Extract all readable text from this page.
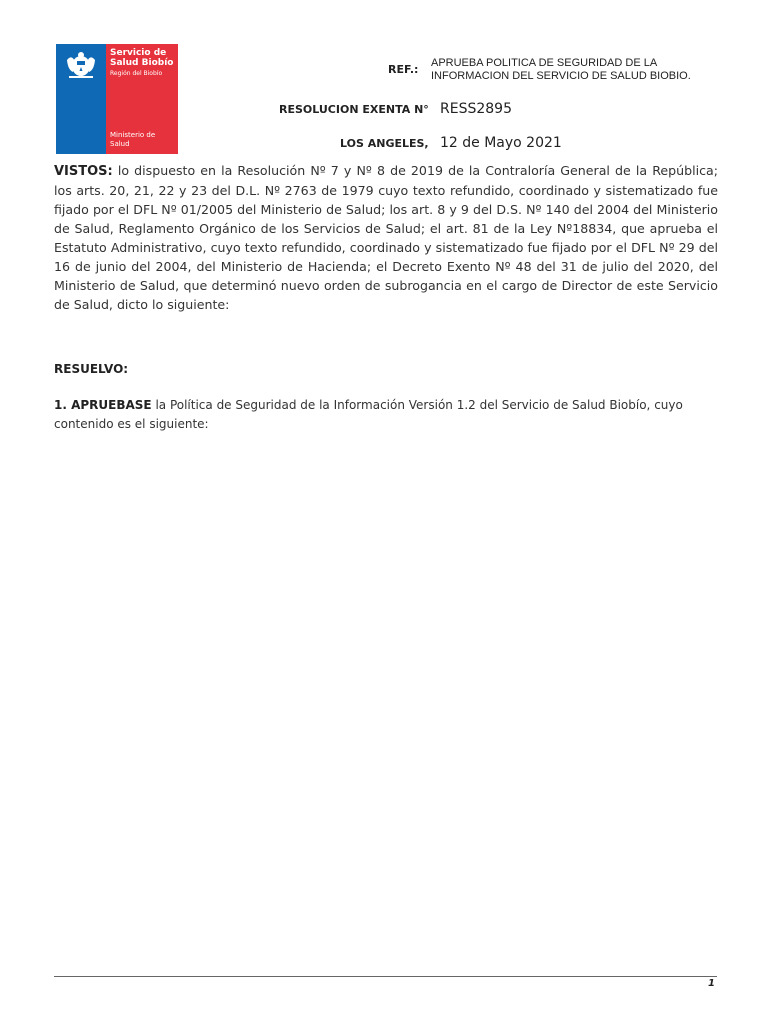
Servicio de
Salud Biobío
Región del Biobío
Ministerio de
Salud
REF.: APRUEBA POLITICA DE SEGURIDAD DE LA
INFORMACION DEL SERVICIO DE SALUD BIOBIO.
RESOLUCION EXENTA N° RESS2895
LOS ANGELES, 12 de Mayo 2021
VISTOS: lo dispuesto en la Resolución Nº 7 y Nº 8 de 2019 de la Contraloría General de la República; los arts. 20, 21, 22 y 23 del D.L. Nº 2763 de 1979 cuyo texto refundido, coordinado y sistematizado fue fijado por el DFL Nº 01/2005 del Ministerio de Salud; los art. 8 y 9 del D.S. Nº 140 del 2004 del Ministerio de Salud, Reglamento Orgánico de los Servicios de Salud; el art. 81 de la Ley Nº18834, que aprueba el Estatuto Administrativo, cuyo texto refundido, coordinado y sistematizado fue fijado por el DFL Nº 29 del 16 de junio del 2004, del Ministerio de Hacienda; el Decreto Exento Nº 48 del 31 de julio del 2020, del Ministerio de Salud, que determinó nuevo orden de subrogancia en el cargo de Director de este Servicio de Salud, dicto lo siguiente:
RESUELVO:
1. APRUEBASE la Política de Seguridad de la Información Versión 1.2 del Servicio de Salud Biobío, cuyo contenido es el siguiente:
1
